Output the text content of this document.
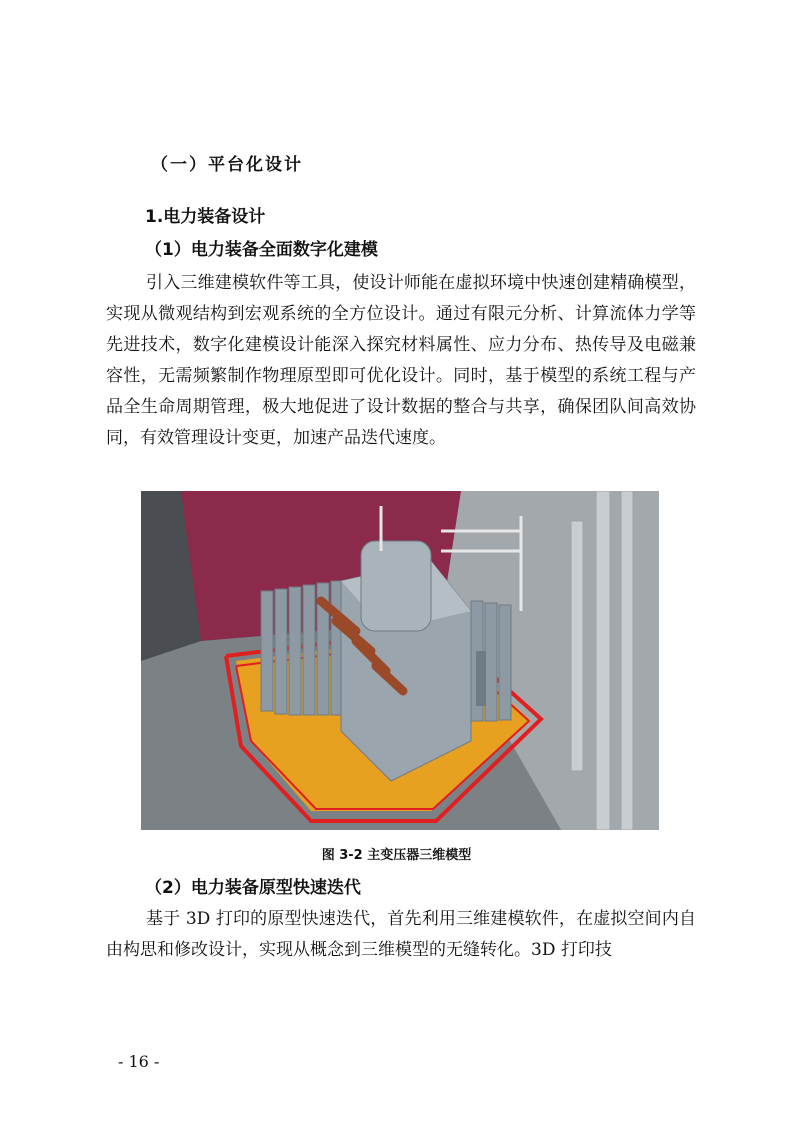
（一）平台化设计
1.电力装备设计
（1）电力装备全面数字化建模
引入三维建模软件等工具，使设计师能在虚拟环境中快速创建精确模型，实现从微观结构到宏观系统的全方位设计。通过有限元分析、计算流体力学等先进技术，数字化建模设计能深入探究材料属性、应力分布、热传导及电磁兼容性，无需频繁制作物理原型即可优化设计。同时，基于模型的系统工程与产品全生命周期管理，极大地促进了设计数据的整合与共享，确保团队间高效协同，有效管理设计变更，加速产品迭代速度。
图 3-2 主变压器三维模型
（2）电力装备原型快速迭代
基于 3D 打印的原型快速迭代，首先利用三维建模软件，在虚拟空间内自由构思和修改设计，实现从概念到三维模型的无缝转化。3D 打印技
- 16 -
